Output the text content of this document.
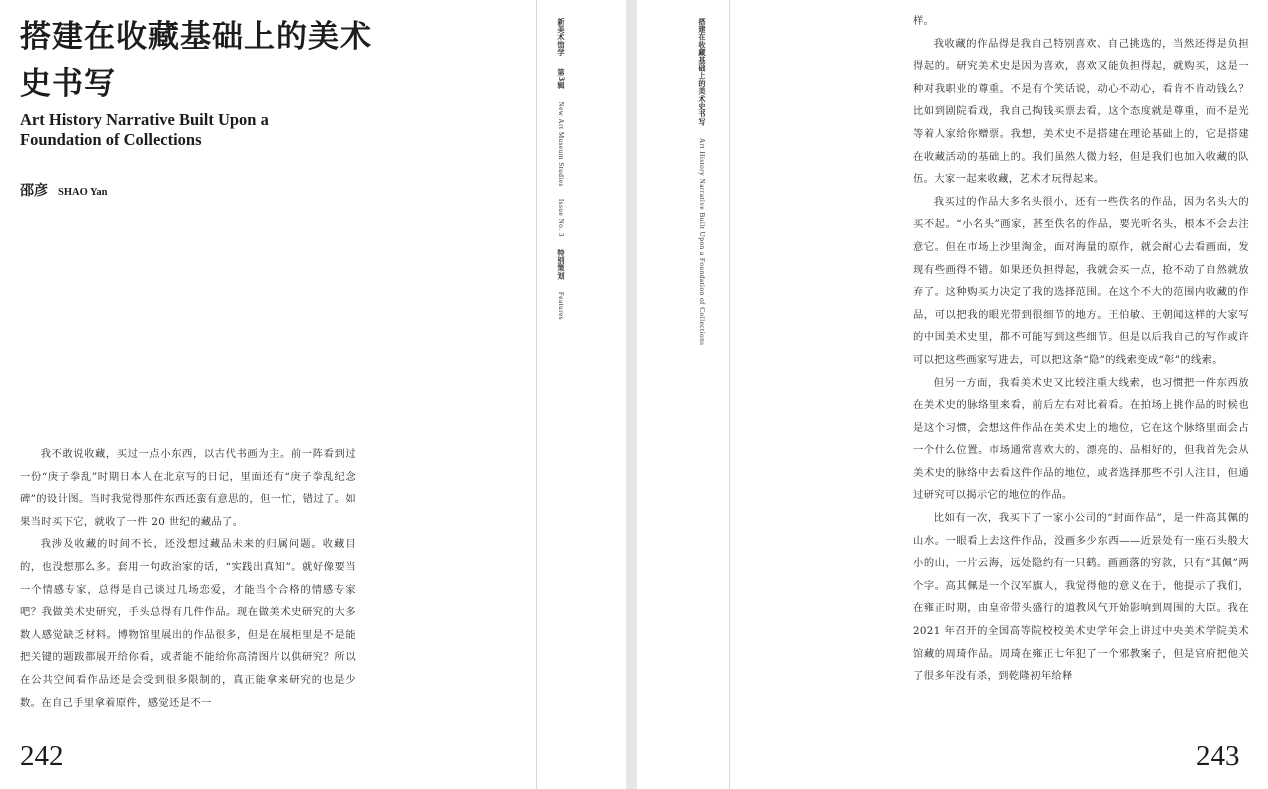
搭建在收藏基础上的美术史书写
Art History Narrative Built Upon a Foundation of Collections
邵彦 SHAO Yan

我不敢说收藏，买过一点小东西，以古代书画为主。前一阵看到过一份“庚子拳乱”时期日本人在北京写的日记，里面还有“庚子拳乱纪念碑”的设计图。当时我觉得那件东西还蛮有意思的，但一忙，错过了。如果当时买下它，就收了一件 20 世纪的藏品了。

我涉及收藏的时间不长，还没想过藏品未来的归属问题。收藏目的，也没想那么多。套用一句政治家的话，“实践出真知”。就好像要当一个情感专家，总得是自己谈过几场恋爱，才能当个合格的情感专家吧？我做美术史研究，手头总得有几件作品。现在做美术史研究的大多数人感觉缺乏材料。博物馆里展出的作品很多，但是在展柜里是不是能把关键的题跋都展开给你看，或者能不能给你高清图片以供研究？所以在公共空间看作品还是会受到很多限制的，真正能拿来研究的也是少数。在自己手里拿着原件，感觉还是不一

242
新美术馆学第3辑New Art Museum StudiesIssue No. 3特别策划Features
搭建在收藏基础上的美术史书写Art History Narrative Built Upon a Foundation of Collections

样。

我收藏的作品得是我自己特别喜欢、自己挑选的，当然还得是负担得起的。研究美术史是因为喜欢，喜欢又能负担得起，就购买，这是一种对我职业的尊重。不是有个笑话说，动心不动心，看肯不肯动钱么？比如到剧院看戏，我自己掏钱买票去看，这个态度就是尊重，而不是光等着人家给你赠票。我想，美术史不是搭建在理论基础上的，它是搭建在收藏活动的基础上的。我们虽然人微力轻，但是我们也加入收藏的队伍。大家一起来收藏，艺术才玩得起来。

我买过的作品大多名头很小，还有一些佚名的作品，因为名头大的买不起。“小名头”画家，甚至佚名的作品，要光听名头，根本不会去注意它。但在市场上沙里淘金，面对海量的原作，就会耐心去看画面，发现有些画得不错。如果还负担得起，我就会买一点，抢不动了自然就放弃了。这种购买力决定了我的选择范围。在这个不大的范围内收藏的作品，可以把我的眼光带到很细节的地方。王伯敏、王朝闻这样的大家写的中国美术史里，都不可能写到这些细节。但是以后我自己的写作或许可以把这些画家写进去，可以把这条“隐”的线索变成“彰”的线索。

但另一方面，我看美术史又比较注重大线索，也习惯把一件东西放在美术史的脉络里来看，前后左右对比着看。在拍场上挑作品的时候也是这个习惯，会想这件作品在美术史上的地位，它在这个脉络里面会占一个什么位置。市场通常喜欢大的、漂亮的、品相好的，但我首先会从美术史的脉络中去看这件作品的地位，或者选择那些不引人注目，但通过研究可以揭示它的地位的作品。

比如有一次，我买下了一家小公司的“封面作品”，是一件高其佩的山水。一眼看上去这件作品，没画多少东西——近景处有一座石头般大小的山，一片云海，远处隐约有一只鹤。画画落的穷款，只有“其佩”两个字。高其佩是一个汉军旗人，我觉得他的意义在于，他提示了我们，在雍正时期，由皇帝带头盛行的道教风气开始影响到周围的大臣。我在 2021 年召开的全国高等院校校美术史学年会上讲过中央美术学院美术馆藏的周琦作品。周琦在雍正七年犯了一个邪教案子，但是官府把他关了很多年没有杀，到乾隆初年给释

243
